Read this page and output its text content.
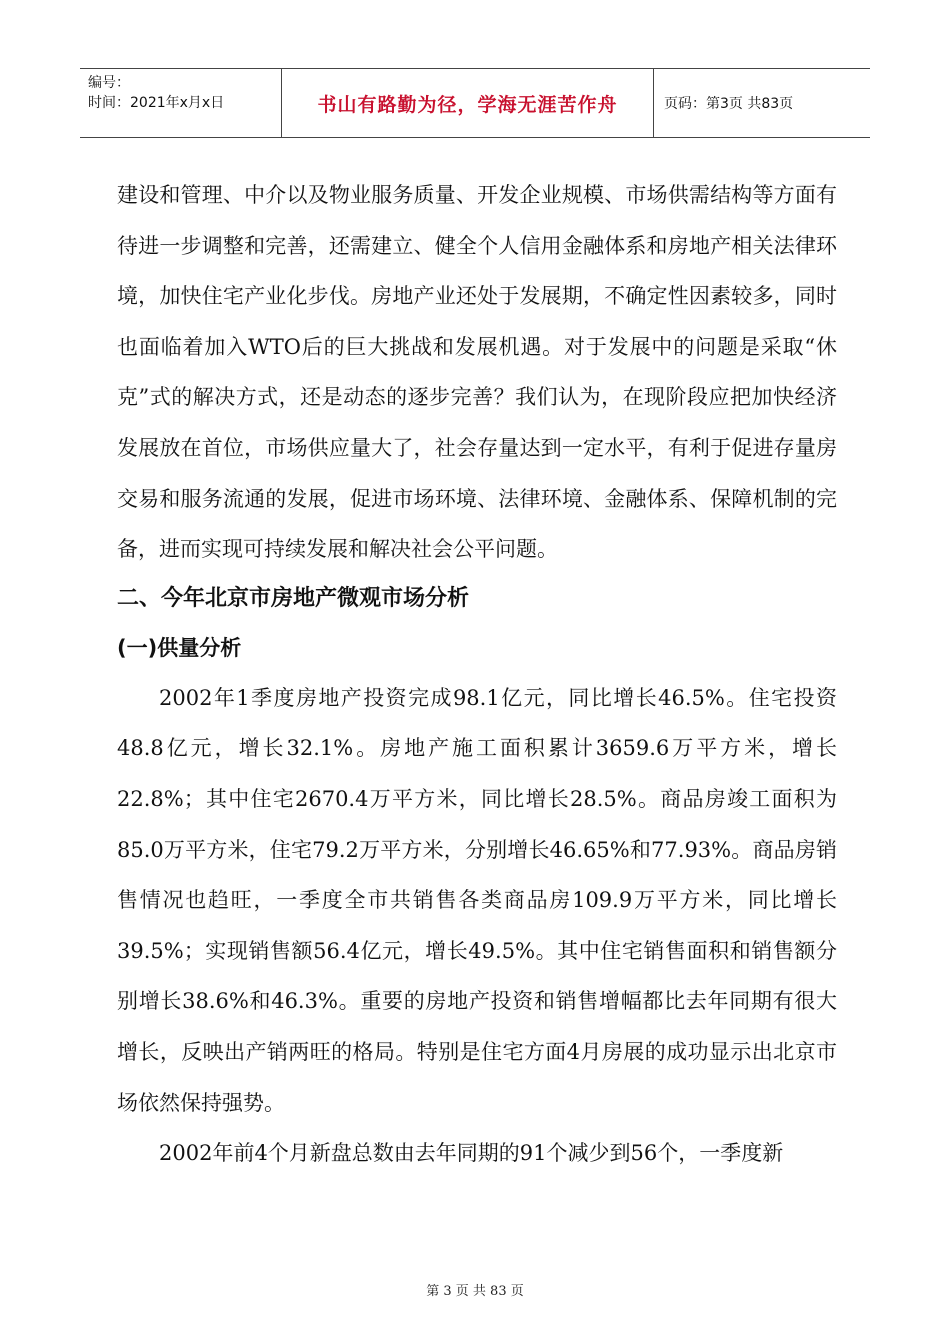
编号：
时间：2021年x月x日	书山有路勤为径，学海无涯苦作舟	页码：第3页 共83页

建设和管理、中介以及物业服务质量、开发企业规模、市场供需结构等方面有待进一步调整和完善，还需建立、健全个人信用金融体系和房地产相关法律环境，加快住宅产业化步伐。房地产业还处于发展期，不确定性因素较多，同时也面临着加入WTO后的巨大挑战和发展机遇。对于发展中的问题是采取“休克”式的解决方式，还是动态的逐步完善？我们认为，在现阶段应把加快经济发展放在首位，市场供应量大了，社会存量达到一定水平，有利于促进存量房交易和服务流通的发展，促进市场环境、法律环境、金融体系、保障机制的完备，进而实现可持续发展和解决社会公平问题。

二、今年北京市房地产微观市场分析

(一)供量分析

2002年1季度房地产投资完成98.1亿元，同比增长46.5%。住宅投资48.8亿元，增长32.1%。房地产施工面积累计3659.6万平方米，增长22.8%；其中住宅2670.4万平方米，同比增长28.5%。商品房竣工面积为85.0万平方米，住宅79.2万平方米，分别增长46.65%和77.93%。商品房销售情况也趋旺，一季度全市共销售各类商品房109.9万平方米，同比增长39.5%；实现销售额56.4亿元，增长49.5%。其中住宅销售面积和销售额分别增长38.6%和46.3%。重要的房地产投资和销售增幅都比去年同期有很大增长，反映出产销两旺的格局。特别是住宅方面4月房展的成功显示出北京市场依然保持强势。

2002年前4个月新盘总数由去年同期的91个减少到56个，一季度新

第 3 页 共 83 页
